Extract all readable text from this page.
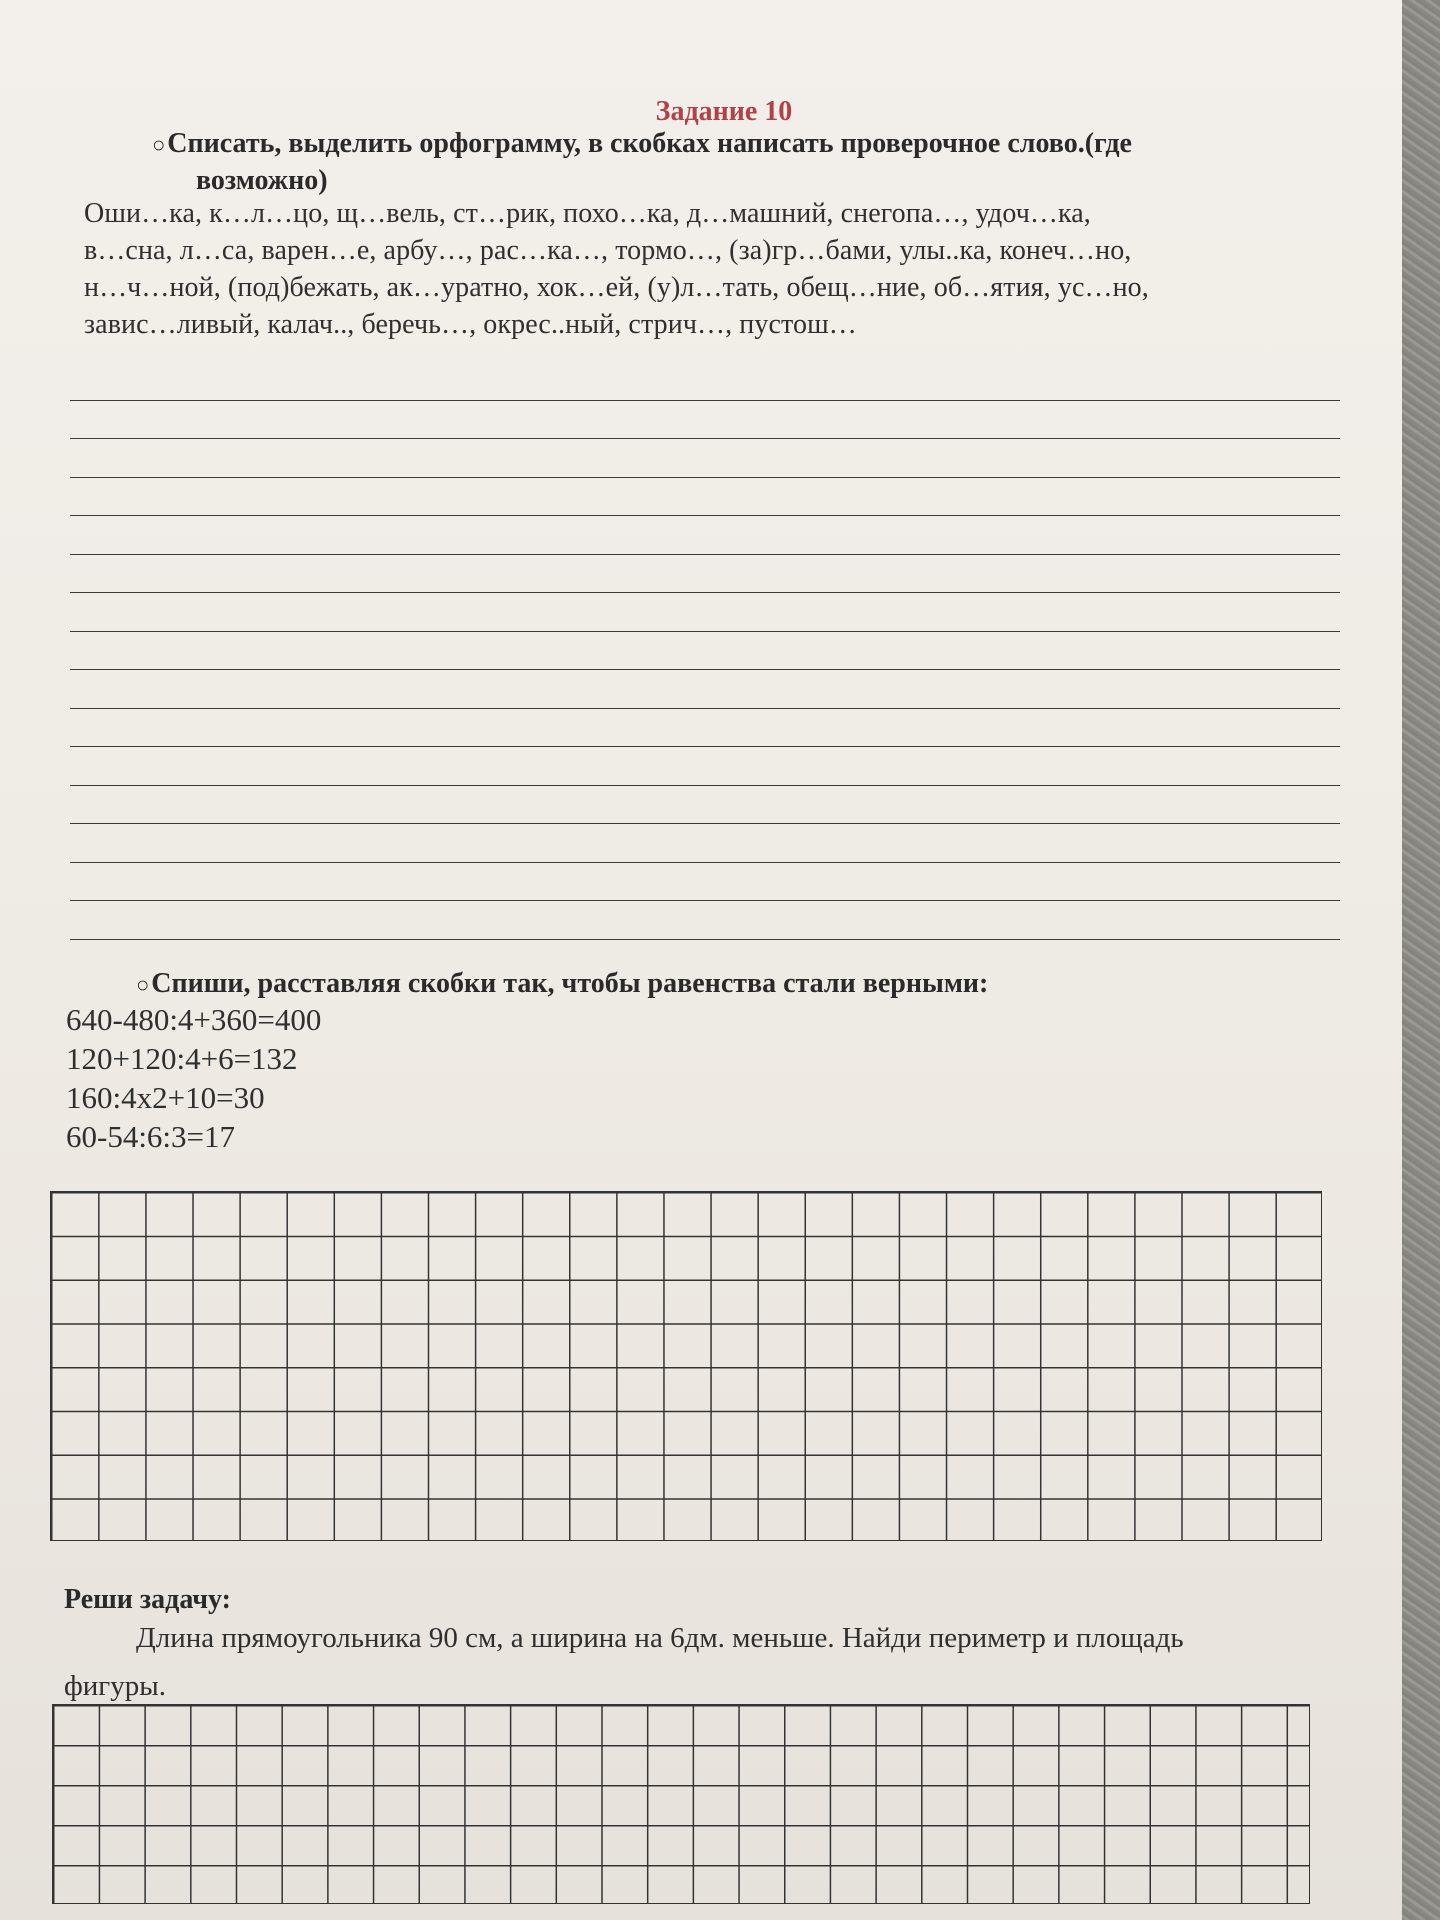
Задание 10
○Списать, выделить орфограмму, в скобках написать проверочное слово.(где
возможно)
Оши…ка, к…л…цо, щ…вель, ст…рик, похо…ка, д…машний, снегопа…, удоч…ка,
в…сна, л…са, варен…е, арбу…, рас…ка…, тормо…, (за)гр…бами, улы..ка, конеч…но,
н…ч…ной, (под)бежать, ак…уратно, хок…ей, (у)л…тать, обещ…ние, об…ятия, ус…но,
завис…ливый, калач.., беречь…, окрес..ный, стрич…, пустош…
○Спиши, расставляя скобки так, чтобы равенства стали верными:
640-480:4+360=400
120+120:4+6=132
160:4х2+10=30
60-54:6:3=17
Реши задачу:
Длина прямоугольника 90 см, а ширина на 6дм. меньше. Найди периметр и площадь фигуры.
